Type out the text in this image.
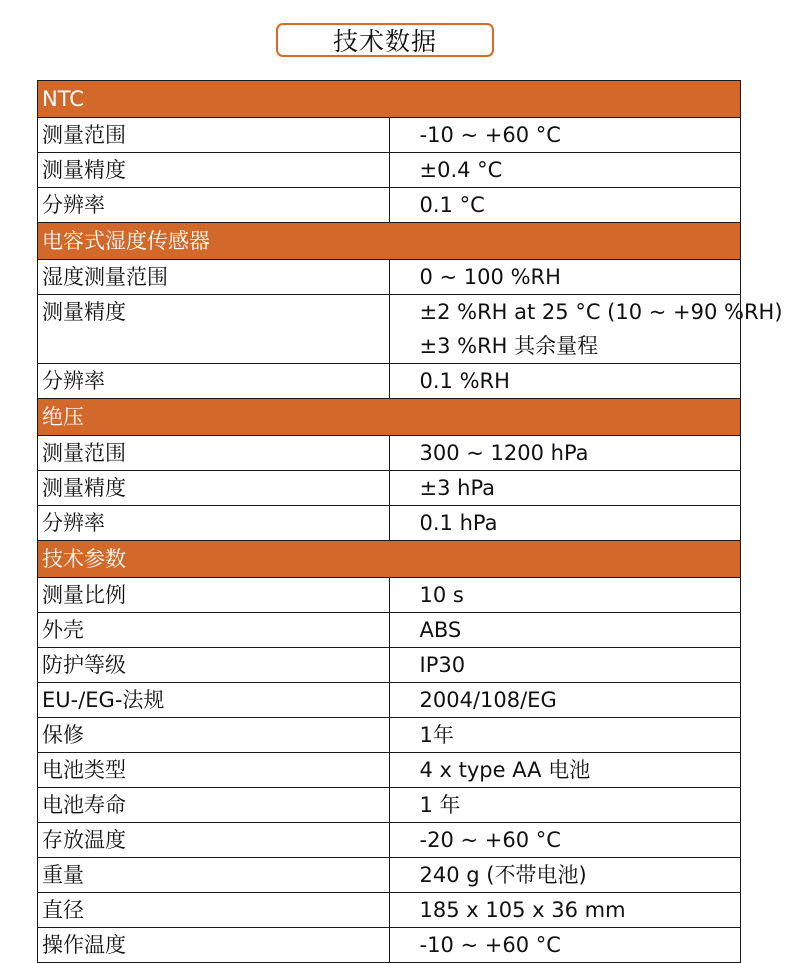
技术数据
NTC	
测量范围	-10 ~ +60 °C
测量精度	±0.4 °C
分辨率	0.1 °C
电容式湿度传感器	
湿度测量范围	0 ~ 100 %RH
测量精度	±2 %RH at 25 °C (10 ~ +90 %RH)
±3 %RH 其余量程

分辨率	0.1 %RH
绝压	
测量范围	300 ~ 1200 hPa
测量精度	±3 hPa
分辨率	0.1 hPa
技术参数	
测量比例	10 s
外壳	ABS
防护等级	IP30
EU-/EG-法规	2004/108/EG
保修	1年
电池类型	4 x type AA 电池
电池寿命	1 年
存放温度	-20 ~ +60 °C
重量	240 g (不带电池)
直径	185 x 105 x 36 mm
操作温度	-10 ~ +60 °C
